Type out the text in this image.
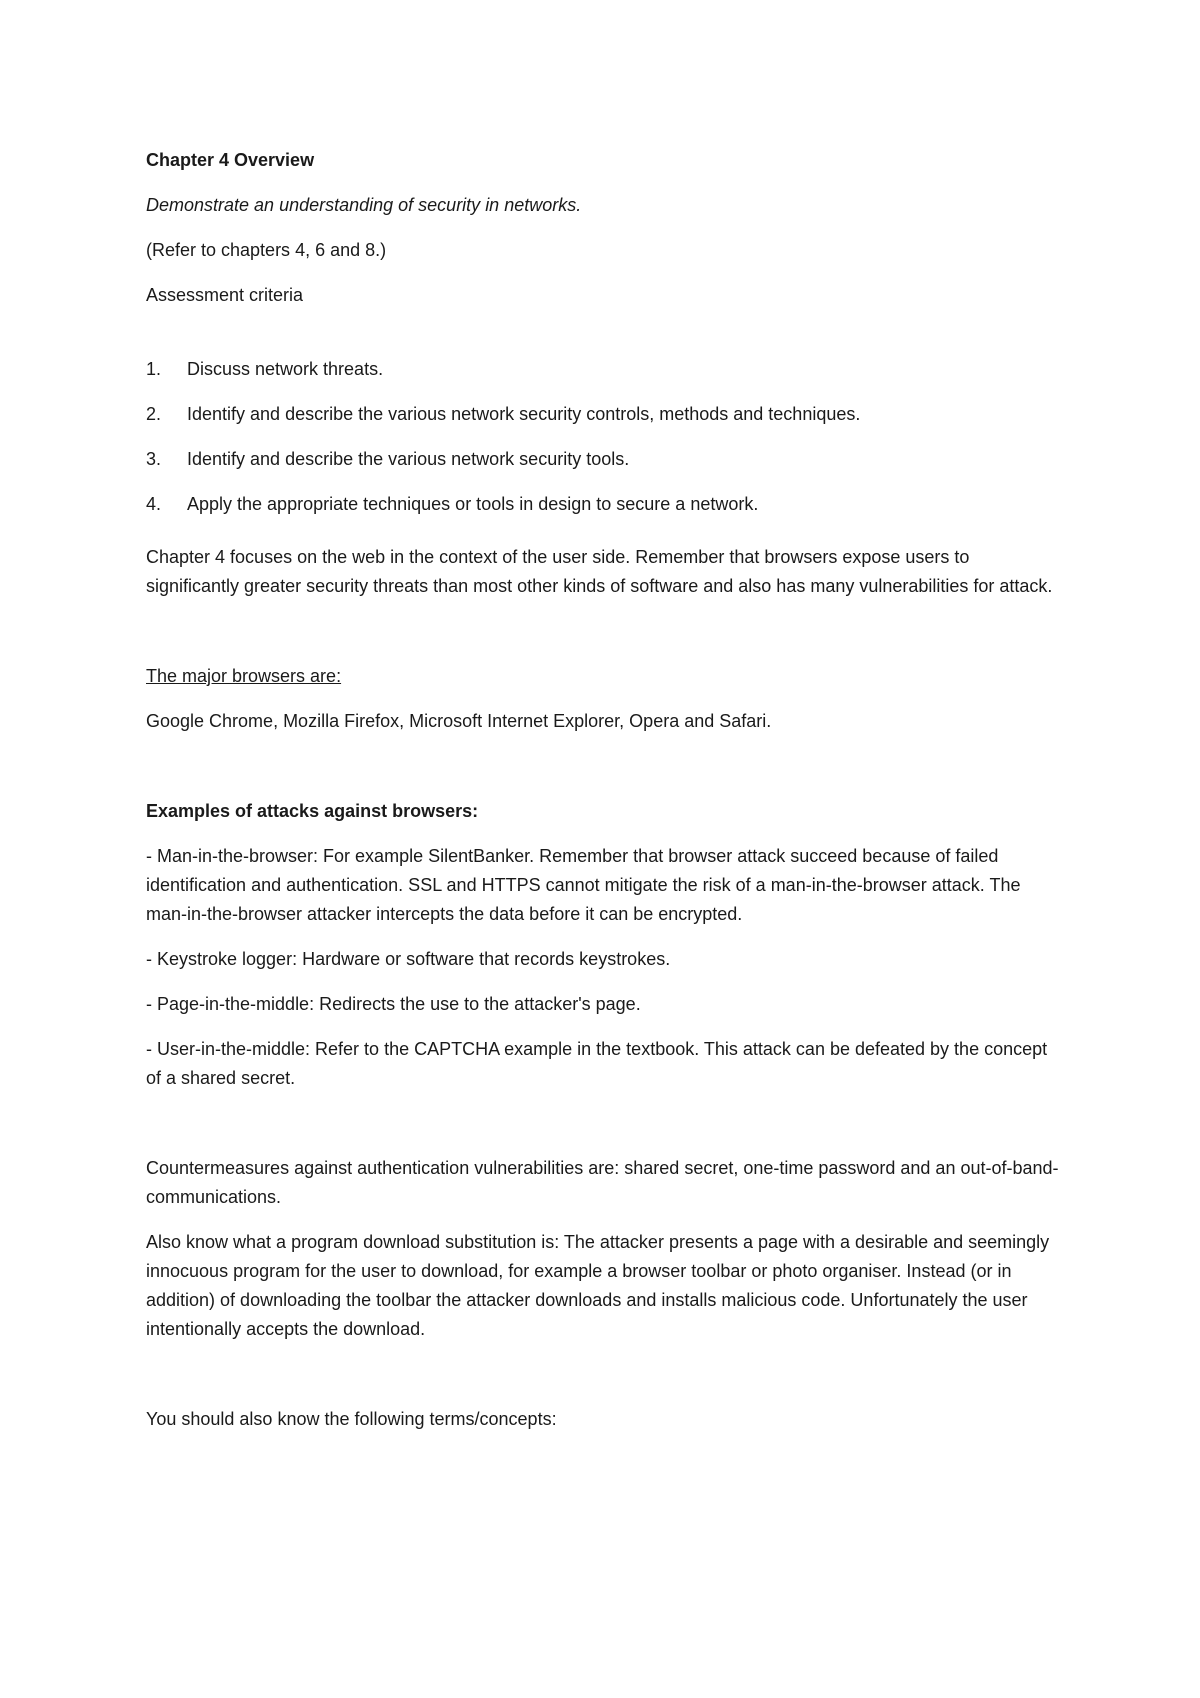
Chapter 4 Overview

Demonstrate an understanding of security in networks.

(Refer to chapters 4, 6 and 8.)

Assessment criteria

1.	Discuss network threats.
2.	Identify and describe the various network security controls, methods and techniques.
3.	Identify and describe the various network security tools.
4.	Apply the appropriate techniques or tools in design to secure a network.

Chapter 4 focuses on the web in the context of the user side. Remember that browsers expose users to significantly greater security threats than most other kinds of software and also has many vulnerabilities for attack.

The major browsers are:

Google Chrome, Mozilla Firefox, Microsoft Internet Explorer, Opera and Safari.

Examples of attacks against browsers:

- Man-in-the-browser: For example SilentBanker. Remember that browser attack succeed because of failed identification and authentication. SSL and HTTPS cannot mitigate the risk of a man-in-the-browser attack. The man-in-the-browser attacker intercepts the data before it can be encrypted.

- Keystroke logger: Hardware or software that records keystrokes.

- Page-in-the-middle: Redirects the use to the attacker's page.

- User-in-the-middle: Refer to the CAPTCHA example in the textbook. This attack can be defeated by the concept of a shared secret.

Countermeasures against authentication vulnerabilities are: shared secret, one-time password and an out-of-band-communications.

Also know what a program download substitution is: The attacker presents a page with a desirable and seemingly innocuous program for the user to download, for example a browser toolbar or photo organiser. Instead (or in addition) of downloading the toolbar the attacker downloads and installs malicious code. Unfortunately the user intentionally accepts the download.

You should also know the following terms/concepts:
